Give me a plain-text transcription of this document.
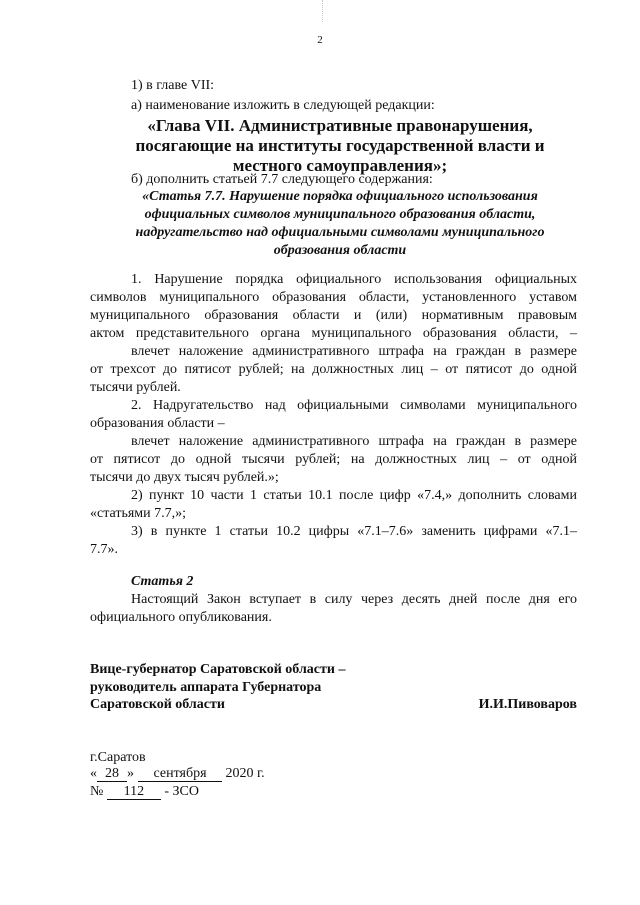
2
1) в главе VII:
а) наименование изложить в следующей редакции:
«Глава VII. Административные правонарушения,
посягающие на институты государственной власти и
местного самоуправления»;
б) дополнить статьей 7.7 следующего содержания:
«Статья 7.7. Нарушение порядка официального использования
официальных символов муниципального образования области,
надругательство над официальными символами муниципального
образования области
1. Нарушение порядка официального использования официальных
символов муниципального образования области, установленного уставом
муниципального образования области и (или) нормативным правовым
актом представительного органа муниципального образования области, –
влечет наложение административного штрафа на граждан в размере
от трехсот до пятисот рублей; на должностных лиц – от пятисот до одной
тысячи рублей.
2. Надругательство над официальными символами муниципального
образования области –
влечет наложение административного штрафа на граждан в размере
от пятисот до одной тысячи рублей; на должностных лиц – от одной
тысячи до двух тысяч рублей.»;
2) пункт 10 части 1 статьи 10.1 после цифр «7.4,» дополнить словами
«статьями 7.7,»;
3) в пункте 1 статьи 10.2 цифры «7.1–7.6» заменить цифрами «7.1–
7.7».
Статья 2
Настоящий Закон вступает в силу через десять дней после дня его
официального опубликования.
Вице-губернатор Саратовской области –
руководитель аппарата Губернатора
Саратовской области	И.И.Пивоваров
г.Саратов
« 28 » сентября 2020 г.
№ 112 - ЗСО
